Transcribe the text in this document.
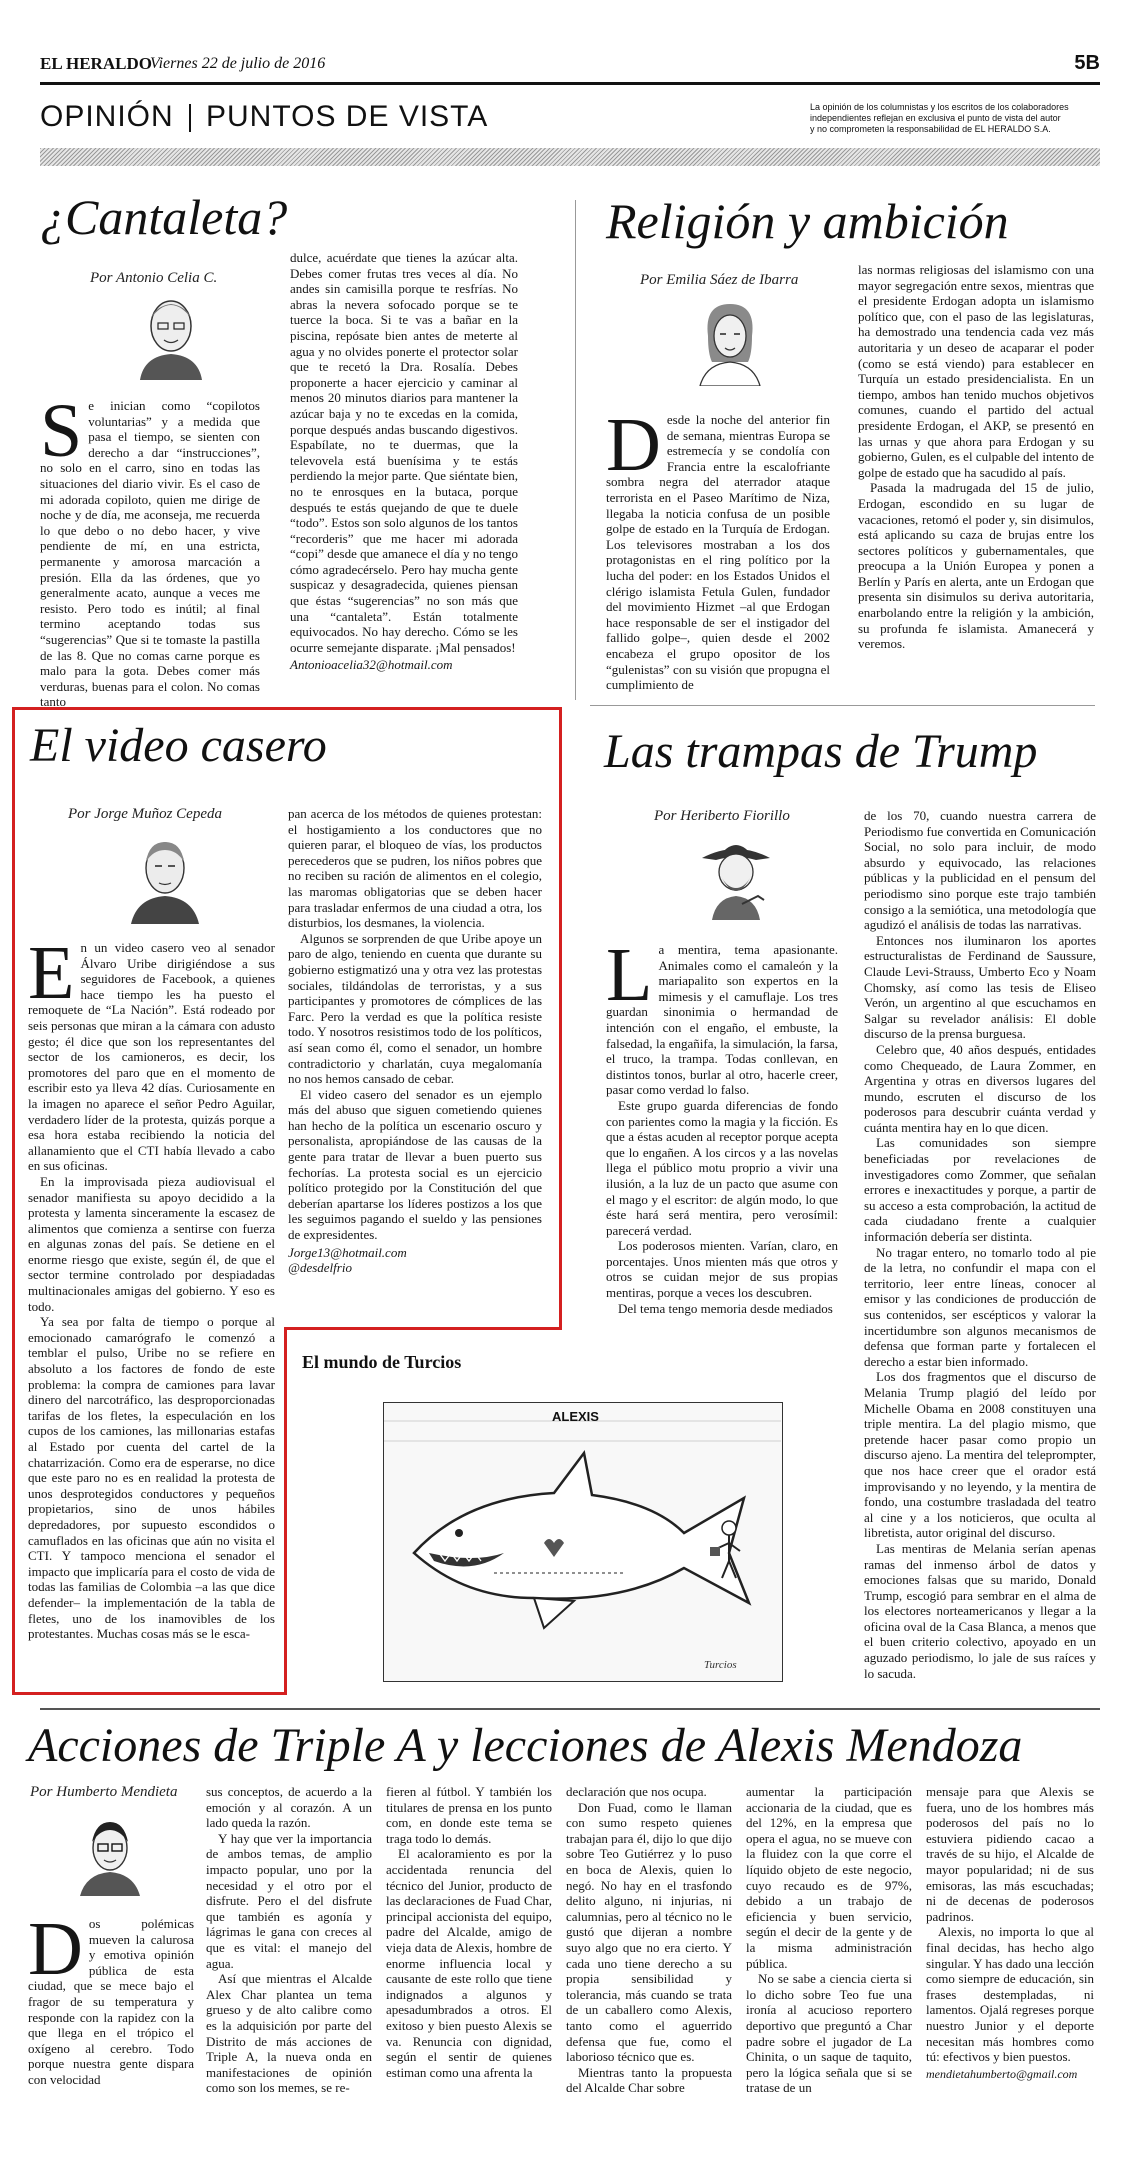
EL HERALDO
Viernes 22 de julio de 2016	5B
OPINIÓN PUNTOS DE VISTA	La opinión de los columnistas y los escritos de los colaboradores
independientes reflejan en exclusiva el punto de vista del autor
y no comprometen la responsabilidad de EL HERALDO S.A.
¿Cantaleta?
Por Antonio Celia C.
S e inician como “copilotos voluntarias” y a medida que pasa el tiempo, se sienten con derecho a dar “instrucciones”, no solo en el carro, sino en todas las situaciones del diario vivir. Es el caso de mi adorada copiloto, quien me dirige de noche y de día, me aconseja, me recuerda lo que debo o no debo hacer, y vive pendiente de mí, en una estricta, permanente y amorosa marcación a presión. Ella da las órdenes, que yo generalmente acato, aunque a veces me resisto. Pero todo es inútil; al final termino aceptando todas sus “sugerencias” Que si te tomaste la pastilla de las 8. Que no comas carne porque es malo para la gota. Debes comer más verduras, buenas para el colon. No comas tanto

dulce, acuérdate que tienes la azúcar alta. Debes comer frutas tres veces al día. No andes sin camisilla porque te resfrías. No abras la nevera sofocado porque se te tuerce la boca. Si te vas a bañar en la piscina, repósate bien antes de meterte al agua y no olvides ponerte el protector solar que te recetó la Dra. Rosalía. Debes proponerte a hacer ejercicio y caminar al menos 20 minutos diarios para mantener la azúcar baja y no te excedas en la comida, porque después andas buscando digestivos. Espabílate, no te duermas, que la televovela está buenísima y te estás perdiendo la mejor parte. Que siéntate bien, no te enrosques en la butaca, porque después te estás quejando de que te duele “todo”. Estos son solo algunos de los tantos “recorderis” que me hacer mi adorada “copi” desde que amanece el día y no tengo cómo agradecérselo. Pero hay mucha gente suspicaz y desagradecida, quienes piensan que éstas “sugerencias” no son más que una “cantaleta”. Están totalmente equivocados. No hay derecho. Cómo se les ocurre semejante disparate. ¡Mal pensados!

Antonioacelia32@hotmail.com

Religión y ambición
Por Emilia Sáez de Ibarra
D esde la noche del anterior fin de semana, mientras Europa se estremecía y se condolía con Francia entre la escalofriante sombra negra del aterrador ataque terrorista en el Paseo Marítimo de Niza, llegaba la noticia confusa de un posible golpe de estado en la Turquía de Erdogan. Los televisores mostraban a los dos protagonistas en el ring político por la lucha del poder: en los Estados Unidos el clérigo islamista Fetula Gulen, fundador del movimiento Hizmet –al que Erdogan hace responsable de ser el instigador del fallido golpe–, quien desde el 2002 encabeza el grupo opositor de los “gulenistas” con su visión que propugna el cumplimiento de

las normas religiosas del islamismo con una mayor segregación entre sexos, mientras que el presidente Erdogan adopta un islamismo político que, con el paso de las legislaturas, ha demostrado una tendencia cada vez más autoritaria y un deseo de acaparar el poder (como se está viendo) para establecer en Turquía un estado presidencialista. En un tiempo, ambos han tenido muchos objetivos comunes, cuando el partido del actual presidente Erdogan, el AKP, se presentó en las urnas y que ahora para Erdogan y su gobierno, Gulen, es el culpable del intento de golpe de estado que ha sacudido al país.

Pasada la madrugada del 15 de julio, Erdogan, escondido en su lugar de vacaciones, retomó el poder y, sin disimulos, está aplicando su caza de brujas entre los sectores políticos y gubernamentales, que preocupa a la Unión Europea y ponen a Berlín y París en alerta, ante un Erdogan que presenta sin disimulos su deriva autoritaria, enarbolando entre la religión y la ambición, su profunda fe islamista. Amanecerá y veremos.

El video casero
Por Jorge Muñoz Cepeda
E n un video casero veo al senador Álvaro Uribe dirigiéndose a sus seguidores de Facebook, a quienes hace tiempo les ha puesto el remoquete de “La Nación”. Está rodeado por seis personas que miran a la cámara con adusto gesto; él dice que son los representantes del sector de los camioneros, es decir, los promotores del paro que en el momento de escribir esto ya lleva 42 días. Curiosamente en la imagen no aparece el señor Pedro Aguilar, verdadero líder de la protesta, quizás porque a esa hora estaba recibiendo la noticia del allanamiento que el CTI había llevado a cabo en sus oficinas.

En la improvisada pieza audiovisual el senador manifiesta su apoyo decidido a la protesta y lamenta sinceramente la escasez de alimentos que comienza a sentirse con fuerza en algunas zonas del país. Se detiene en el enorme riesgo que existe, según él, de que el sector termine controlado por despiadadas multinacionales amigas del gobierno. Y eso es todo.

Ya sea por falta de tiempo o porque al emocionado camarógrafo le comenzó a temblar el pulso, Uribe no se refiere en absoluto a los factores de fondo de este problema: la compra de camiones para lavar dinero del narcotráfico, las desproporcionadas tarifas de los fletes, la especulación en los cupos de los camiones, las millonarias estafas al Estado por cuenta del cartel de la chatarrización. Como era de esperarse, no dice que este paro no es en realidad la protesta de unos desprotegidos conductores y pequeños propietarios, sino de unos hábiles depredadores, por supuesto escondidos o camuflados en las oficinas que aún no visita el CTI. Y tampoco menciona el senador el impacto que implicaría para el costo de vida de todas las familias de Colombia –a las que dice defender– la implementación de la tabla de fletes, uno de los inamovibles de los protestantes. Muchas cosas más se le esca-

pan acerca de los métodos de quienes protestan: el hostigamiento a los conductores que no quieren parar, el bloqueo de vías, los productos perecederos que se pudren, los niños pobres que no reciben su ración de alimentos en el colegio, las maromas obligatorias que se deben hacer para trasladar enfermos de una ciudad a otra, los disturbios, los desmanes, la violencia.

Algunos se sorprenden de que Uribe apoye un paro de algo, teniendo en cuenta que durante su gobierno estigmatizó una y otra vez las protestas sociales, tildándolas de terroristas, y a sus participantes y promotores de cómplices de las Farc. Pero la verdad es que la política resiste todo. Y nosotros resistimos todo de los políticos, así sean como él, como el senador, un hombre contradictorio y charlatán, cuya megalomanía no nos hemos cansado de cebar.

El video casero del senador es un ejemplo más del abuso que siguen cometiendo quienes han hecho de la política un escenario oscuro y personalista, apropiándose de las causas de la gente para tratar de llevar a buen puerto sus fechorías. La protesta social es un ejercicio político protegido por la Constitución del que deberían apartarse los líderes postizos a los que les seguimos pagando el sueldo y las pensiones de expresidentes.

Jorge13@hotmail.com

@desdelfrio

Las trampas de Trump
Por Heriberto Fiorillo
L a mentira, tema apasionante. Animales como el camaleón y la mariapalito son expertos en la mimesis y el camuflaje. Los tres guardan sinonimia o hermandad de intención con el engaño, el embuste, la falsedad, la engañifa, la simulación, la farsa, el truco, la trampa. Todas conllevan, en distintos tonos, burlar al otro, hacerle creer, pasar como verdad lo falso.

Este grupo guarda diferencias de fondo con parientes como la magia y la ficción. Es que a éstas acuden al receptor porque acepta que lo engañen. A los circos y a las novelas llega el público motu proprio a vivir una ilusión, a la luz de un pacto que asume con el mago y el escritor: de algún modo, lo que éste hará será mentira, pero verosímil: parecerá verdad.

Los poderosos mienten. Varían, claro, en porcentajes. Unos mienten más que otros y otros se cuidan mejor de sus propias mentiras, porque a veces los descubren.

Del tema tengo memoria desde mediados

de los 70, cuando nuestra carrera de Periodismo fue convertida en Comunicación Social, no solo para incluir, de modo absurdo y equivocado, las relaciones públicas y la publicidad en el pensum del periodismo sino porque este trajo también consigo a la semiótica, una metodología que agudizó el análisis de todas las narrativas.

Entonces nos iluminaron los aportes estructuralistas de Ferdinand de Saussure, Claude Levi-Strauss, Umberto Eco y Noam Chomsky, así como las tesis de Eliseo Verón, un argentino al que escuchamos en Salgar su revelador análisis: El doble discurso de la prensa burguesa.

Celebro que, 40 años después, entidades como Chequeado, de Laura Zommer, en Argentina y otras en diversos lugares del mundo, escruten el discurso de los poderosos para descubrir cuánta verdad y cuánta mentira hay en lo que dicen.

Las comunidades son siempre beneficiadas por revelaciones de investigadores como Zommer, que señalan errores e inexactitudes y porque, a partir de su acceso a esta comprobación, la actitud de cada ciudadano frente a cualquier información debería ser distinta.

No tragar entero, no tomarlo todo al pie de la letra, no confundir el mapa con el territorio, leer entre líneas, conocer al emisor y las condiciones de producción de sus contenidos, ser escépticos y valorar la incertidumbre son algunos mecanismos de defensa que forman parte y fortalecen el derecho a estar bien informado.

Los dos fragmentos que el discurso de Melania Trump plagió del leído por Michelle Obama en 2008 constituyen una triple mentira. La del plagio mismo, que pretende hacer pasar como propio un discurso ajeno. La mentira del teleprompter, que nos hace creer que el orador está improvisando y no leyendo, y la mentira de fondo, una costumbre trasladada del teatro al cine y a los noticieros, que oculta al libretista, autor original del discurso.

Las mentiras de Melania serían apenas ramas del inmenso árbol de datos y emociones falsas que su marido, Donald Trump, escogió para sembrar en el alma de los electores norteamericanos y llegar a la oficina oval de la Casa Blanca, a menos que el buen criterio colectivo, apoyado en un aguzado periodismo, lo jale de sus raíces y lo sacuda.

El mundo de Turcios
Turcios
ALEXIS
Acciones de Triple A y lecciones de Alexis Mendoza
Por Humberto Mendieta
D os polémicas mueven la calurosa y emotiva opinión pública de esta ciudad, que se mece bajo el fragor de su temperatura y responde con la rapidez con la que llega en el trópico el oxígeno al cerebro. Todo porque nuestra gente dispara con velocidad

sus conceptos, de acuerdo a la emoción y al corazón. A un lado queda la razón.

Y hay que ver la importancia de ambos temas, de amplio impacto popular, uno por la necesidad y el otro por el disfrute. Pero el del disfrute que también es agonía y lágrimas le gana con creces al que es vital: el manejo del agua.

Así que mientras el Alcalde Alex Char plantea un tema grueso y de alto calibre como es la adquisición por parte del Distrito de más acciones de Triple A, la nueva onda en manifestaciones de opinión como son los memes, se re-

fieren al fútbol. Y también los titulares de prensa en los punto com, en donde este tema se traga todo lo demás.

El acaloramiento es por la accidentada renuncia del técnico del Junior, producto de las declaraciones de Fuad Char, principal accionista del equipo, padre del Alcalde, amigo de vieja data de Alexis, hombre de enorme influencia local y causante de este rollo que tiene indignados a algunos y apesadumbrados a otros. El exitoso y bien puesto Alexis se va. Renuncia con dignidad, según el sentir de quienes estiman como una afrenta la

declaración que nos ocupa.

Don Fuad, como le llaman con sumo respeto quienes trabajan para él, dijo lo que dijo sobre Teo Gutiérrez y lo puso en boca de Alexis, quien lo negó. No hay en el trasfondo delito alguno, ni injurias, ni calumnias, pero al técnico no le gustó que dijeran a nombre suyo algo que no era cierto. Y cada uno tiene derecho a su propia sensibilidad y tolerancia, más cuando se trata de un caballero como Alexis, tanto como el aguerrido defensa que fue, como el laborioso técnico que es.

Mientras tanto la propuesta del Alcalde Char sobre

aumentar la participación accionaria de la ciudad, que es del 12%, en la empresa que opera el agua, no se mueve con la fluidez con la que corre el líquido objeto de este negocio, cuyo recaudo es de 97%, debido a un trabajo de eficiencia y buen servicio, según el decir de la gente y de la misma administración pública.

No se sabe a ciencia cierta si lo dicho sobre Teo fue una ironía al acucioso reportero deportivo que preguntó a Char padre sobre el jugador de La Chinita, o un saque de taquito, pero la lógica señala que si se tratase de un

mensaje para que Alexis se fuera, uno de los hombres más poderosos del país no lo estuviera pidiendo cacao a través de su hijo, el Alcalde de mayor popularidad; ni de sus emisoras, las más escuchadas; ni de decenas de poderosos padrinos.

Alexis, no importa lo que al final decidas, has hecho algo singular. Y has dado una lección como siempre de educación, sin frases destempladas, ni lamentos. Ojalá regreses porque nuestro Junior y el deporte necesitan más hombres como tú: efectivos y bien puestos.

mendietahumberto@gmail.com
